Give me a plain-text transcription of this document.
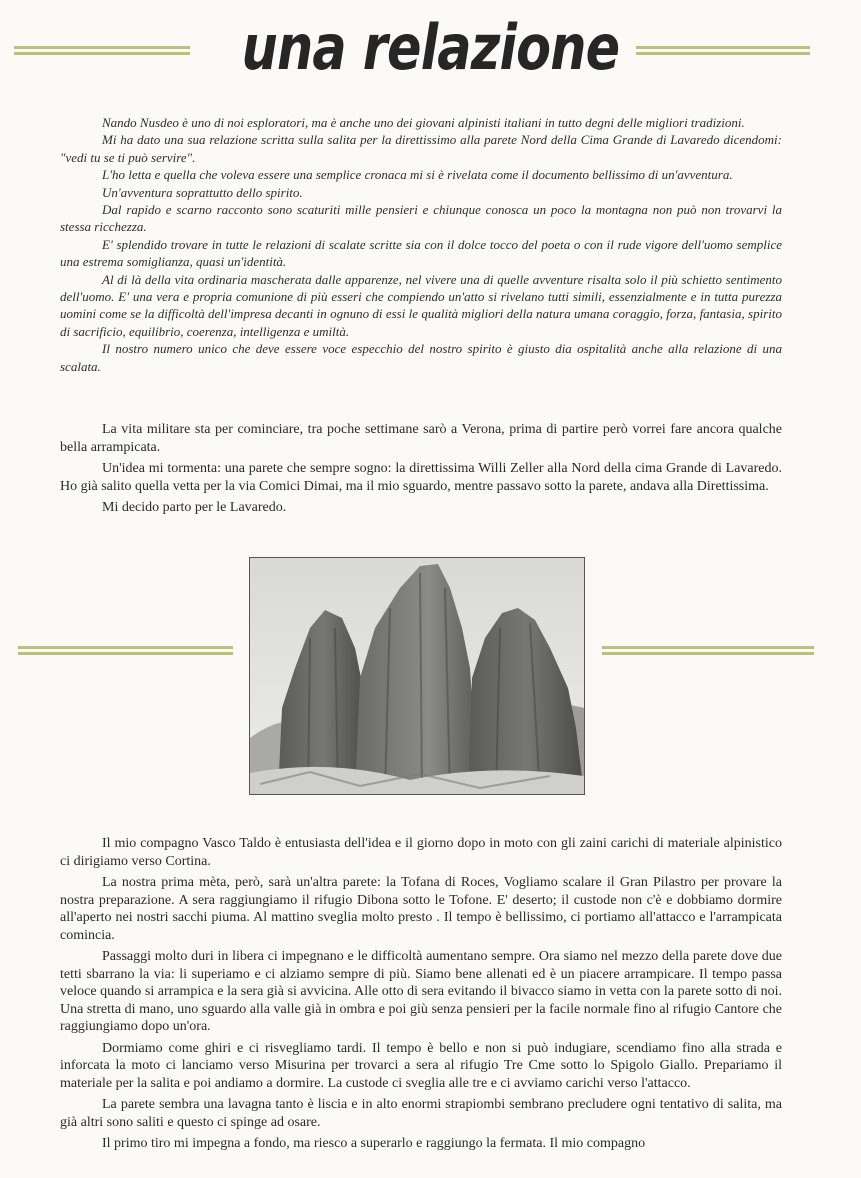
una relazione

Nando Nusdeo è uno di noi esploratori, ma è anche uno dei giovani alpinisti italiani in tutto degni delle migliori tradizioni.

Mi ha dato una sua relazione scritta sulla salita per la direttissimo alla parete Nord della Cima Grande di Lavaredo dicendomi: "vedi tu se ti può servire".

L'ho letta e quella che voleva essere una semplice cronaca mi si è rivelata come il documento bellissimo di un'avventura.

Un'avventura soprattutto dello spirito.

Dal rapido e scarno racconto sono scaturiti mille pensieri e chiunque conosca un poco la montagna non può non trovarvi la stessa ricchezza.

E' splendido trovare in tutte le relazioni di scalate scritte sia con il dolce tocco del poeta o con il rude vigore dell'uomo semplice una estrema somiglianza, quasi un'identità.

Al di là della vita ordinaria mascherata dalle apparenze, nel vivere una di quelle avventure risalta solo il più schietto sentimento dell'uomo. E' una vera e propria comunione di più esseri che compiendo un'atto si rivelano tutti simili, essenzialmente e in tutta purezza uomini come se la difficoltà dell'impresa decanti in ognuno di essi le qualità migliori della natura umana coraggio, forza, fantasia, spirito di sacrificio, equilibrio, coerenza, intelligenza e umiltà.

Il nostro numero unico che deve essere voce especchio del nostro spirito è giusto dia ospitalità anche alla relazione di una scalata.

La vita militare sta per cominciare, tra poche settimane sarò a Verona, prima di partire però vorrei fare ancora qualche bella arrampicata.

Un'idea mi tormenta: una parete che sempre sogno: la direttissima Willi Zeller alla Nord della cima Grande di Lavaredo. Ho già salito quella vetta per la via Comici Dimai, ma il mio sguardo, mentre passavo sotto la parete, andava alla Direttissima.

Mi decido parto per le Lavaredo.

Il mio compagno Vasco Taldo è entusiasta dell'idea e il giorno dopo in moto con gli zaini carichi di materiale alpinistico ci dirigiamo verso Cortina.

La nostra prima mèta, però, sarà un'altra parete: la Tofana di Roces, Vogliamo scalare il Gran Pilastro per provare la nostra preparazione. A sera raggiungiamo il rifugio Dibona sotto le Tofone. E' deserto; il custode non c'è e dobbiamo dormire all'aperto nei nostri sacchi piuma. Al mattino sveglia molto presto . Il tempo è bellissimo, ci portiamo all'attacco e l'arrampicata comincia.

Passaggi molto duri in libera ci impegnano e le difficoltà aumentano sempre. Ora siamo nel mezzo della parete dove due tetti sbarrano la via: li superiamo e ci alziamo sempre di più. Siamo bene allenati ed è un piacere arrampicare. Il tempo passa veloce quando si arrampica e la sera già si avvicina. Alle otto di sera evitando il bivacco siamo in vetta con la parete sotto di noi. Una stretta di mano, uno sguardo alla valle già in ombra e poi giù senza pensieri per la facile normale fino al rifugio Cantore che raggiungiamo dopo un'ora.

Dormiamo come ghiri e ci risvegliamo tardi. Il tempo è bello e non si può indugiare, scendiamo fino alla strada e inforcata la moto ci lanciamo verso Misurina per trovarci a sera al rifugio Tre Cme sotto lo Spigolo Giallo. Prepariamo il materiale per la salita e poi andiamo a dormire. La custode ci sveglia alle tre e ci avviamo carichi verso l'attacco.

La parete sembra una lavagna tanto è liscia e in alto enormi strapiombi sembrano precludere ogni tentativo di salita, ma già altri sono saliti e questo ci spinge ad osare.

Il primo tiro mi impegna a fondo, ma riesco a superarlo e raggiungo la fermata. Il mio compagno
